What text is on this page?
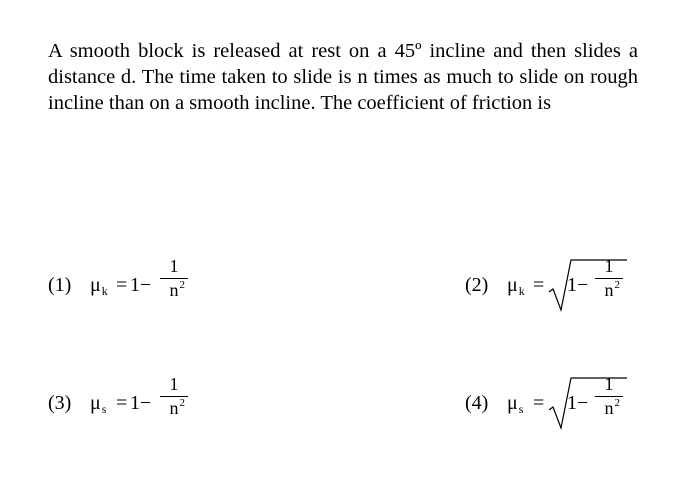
A smooth block is released at rest on a 45º incline and then slides a distance d. The time taken to slide is n times as much to slide on rough incline than on a smooth incline. The coefficient of friction is

(1) $\mu_k = 1-$
1
n 2	(2) $\mu_k = 1-$
1
n 2
(3) $\mu_s = 1-$
1
n 2	(4) $\mu_s = 1-$
1
n 2
